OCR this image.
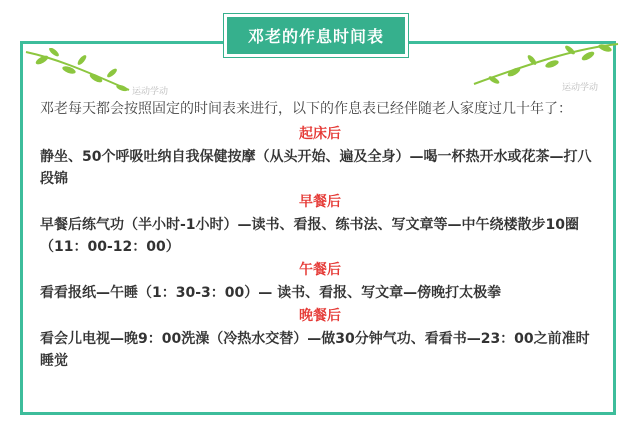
邓老的作息时间表
运动学动	运动学动

邓老每天都会按照固定的时间表来进行，以下的作息表已经伴随老人家度过几十年了：

起床后

静坐、50个呼吸吐纳自我保健按摩（从头开始、遍及全身）—喝一杯热开水或花茶—打八段锦

早餐后

早餐后练气功（半小时-1小时）—读书、看报、练书法、写文章等—中午绕楼散步10圈（11：00-12：00）

午餐后

看看报纸—午睡（1：30-3：00）— 读书、看报、写文章—傍晚打太极拳

晚餐后

看会儿电视—晚9：00洗澡（冷热水交替）—做30分钟气功、看看书—23：00之前准时睡觉
